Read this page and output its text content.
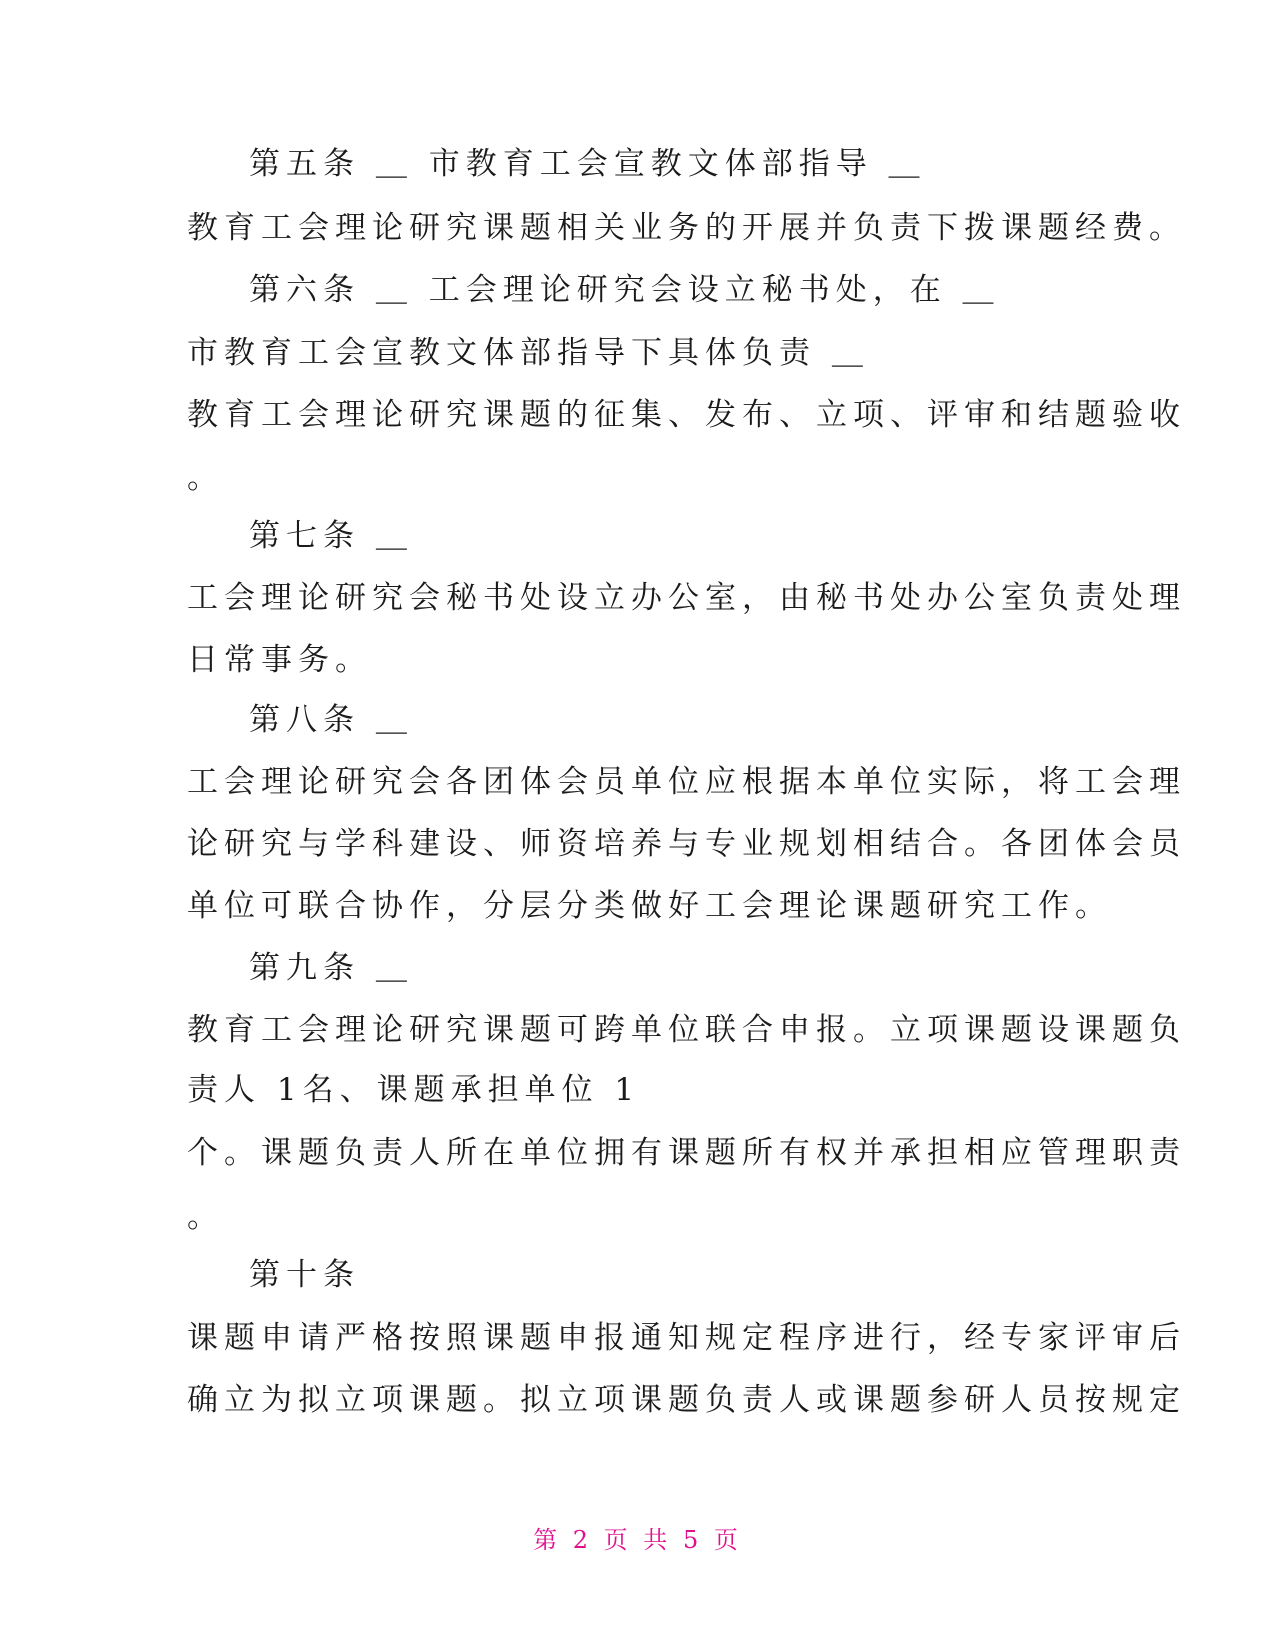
第五条 ＿ 市教育工会宣教文体部指导 ＿
教育工会理论研究课题相关业务的开展并负责下拨课题经费。
第六条 ＿ 工会理论研究会设立秘书处，在 ＿
市教育工会宣教文体部指导下具体负责 ＿
教育工会理论研究课题的征集、发布、立项、评审和结题验收
。
第七条 ＿
工会理论研究会秘书处设立办公室，由秘书处办公室负责处理
日常事务。
第八条 ＿
工会理论研究会各团体会员单位应根据本单位实际，将工会理
论研究与学科建设、师资培养与专业规划相结合。各团体会员
单位可联合协作，分层分类做好工会理论课题研究工作。
第九条 ＿
教育工会理论研究课题可跨单位联合申报。立项课题设课题负
责人 1名、课题承担单位 1
个。课题负责人所在单位拥有课题所有权并承担相应管理职责
。
第十条
课题申请严格按照课题申报通知规定程序进行，经专家评审后
确立为拟立项课题。拟立项课题负责人或课题参研人员按规定
第 2 页 共 5 页
